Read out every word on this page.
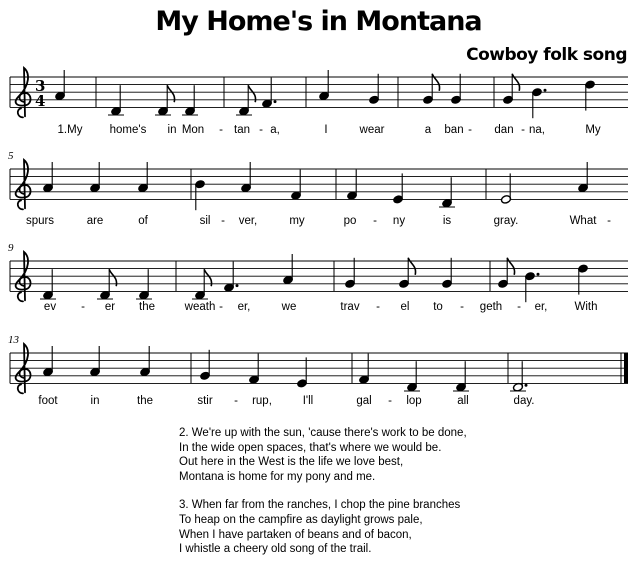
My Home's in Montana
Cowboy folk song
3
4
1.My home's in Mon - tan - a,	I	wear	a ban - dan - na,	My
5
spurs	are	of	sil - ver,	my	po - ny	is	gray.	What -
9
ev - er the	weath - er,	we	trav - el to - geth - er, With
13
foot	in	the	stir - rup,	I'll	gal - lop	all	day.
2. We're up with the sun, 'cause there's work to be done,
In the wide open spaces, that's where we would be.
Out here in the West is the life we love best,
Montana is home for my pony and me.
3. When far from the ranches, I chop the pine branches
To heap on the campfire as daylight grows pale,
When I have partaken of beans and of bacon,
I whistle a cheery old song of the trail.
